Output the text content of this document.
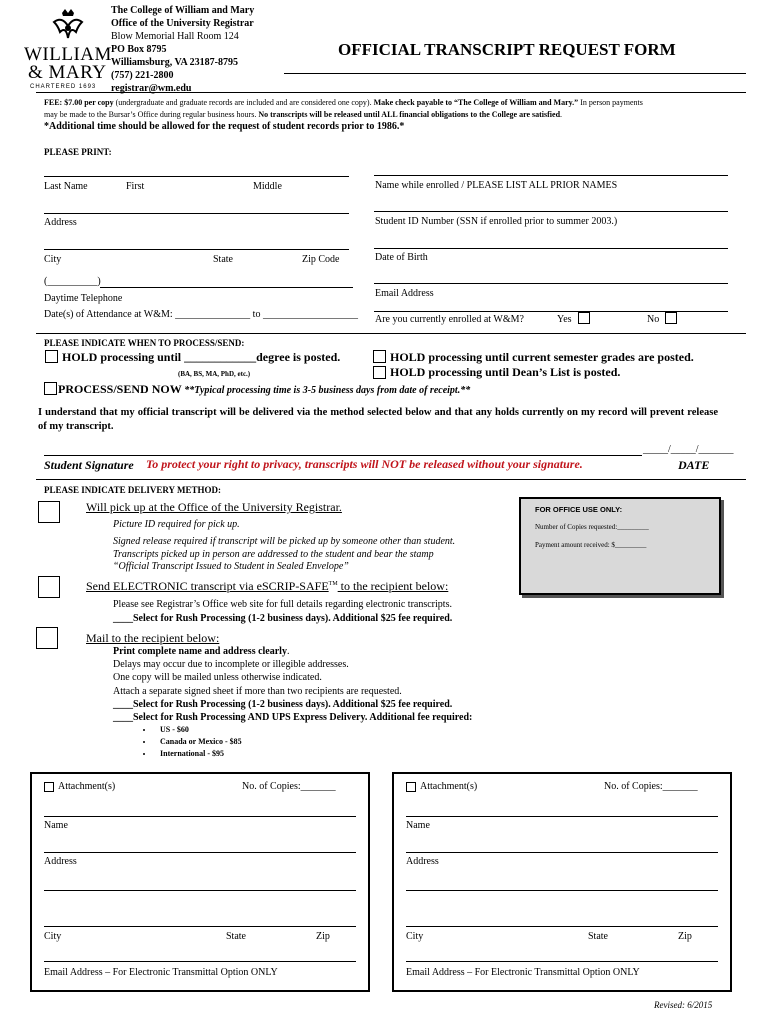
WILLIAM
& MARY
CHARTERED 1693
The College of William and Mary
Office of the University Registrar
Blow Memorial Hall Room 124
PO Box 8795
Williamsburg, VA 23187-8795
(757) 221-2800
registrar@wm.edu
OFFICIAL TRANSCRIPT REQUEST FORM
FEE: $7.00 per copy (undergraduate and graduate records are included and are considered one copy). Make check payable to “The College of William and Mary.” In person payments
may be made to the Bursar’s Office during regular business hours. No transcripts will be released until ALL financial obligations to the College are satisfied.
*Additional time should be allowed for the request of student records prior to 1986.*
PLEASE PRINT:
Last Name	First	Middle	Name while enrolled / PLEASE LIST ALL PRIOR NAMES
Address	Student ID Number (SSN if enrolled prior to summer 2003.)
City	State	Zip Code	Date of Birth
(__________)
Daytime Telephone	Email Address
Date(s) of Attendance at W&M: _______________ to ___________________ Are you currently enrolled at W&M?	Yes	No
PLEASE INDICATE WHEN TO PROCESS/SEND:
HOLD processing until ____________degree is posted.
(BA, BS, MA, PhD, etc.)
HOLD processing until current semester grades are posted.
HOLD processing until Dean’s List is posted.
PROCESS/SEND NOW **Typical processing time is 3-5 business days from date of receipt.**
I understand that my official transcript will be delivered via the method selected below and that any holds currently on my record will prevent release of my transcript.
_____/_____/_______
Student Signature To protect your right to privacy, transcripts will NOT be released without your signature.	DATE
PLEASE INDICATE DELIVERY METHOD:
Will pick up at the Office of the University Registrar.
Picture ID required for pick up.
Signed release required if transcript will be picked up by someone other than student.
Transcripts picked up in person are addressed to the student and bear the stamp
“Official Transcript Issued to Student in Sealed Envelope”
FOR OFFICE USE ONLY:
Number of Copies requested:_________
Payment amount received: $_________
Send ELECTRONIC transcript via eSCRIP-SAFE™ to the recipient below:
Please see Registrar’s Office web site for full details regarding electronic transcripts.
____Select for Rush Processing (1-2 business days). Additional $25 fee required.
Mail to the recipient below:
Print complete name and address clearly.
Delays may occur due to incomplete or illegible addresses.
One copy will be mailed unless otherwise indicated.
Attach a separate signed sheet if more than two recipients are requested.
____Select for Rush Processing (1-2 business days). Additional $25 fee required.
____Select for Rush Processing AND UPS Express Delivery. Additional fee required:
• US - $60
• Canada or Mexico - $85
• International - $95
Attachment(s)	No. of Copies:_______
Name
Address
City	State	Zip
Email Address – For Electronic Transmittal Option ONLY
Attachment(s)	No. of Copies:_______
Name
Address
City	State	Zip
Email Address – For Electronic Transmittal Option ONLY
Revised: 6/2015
